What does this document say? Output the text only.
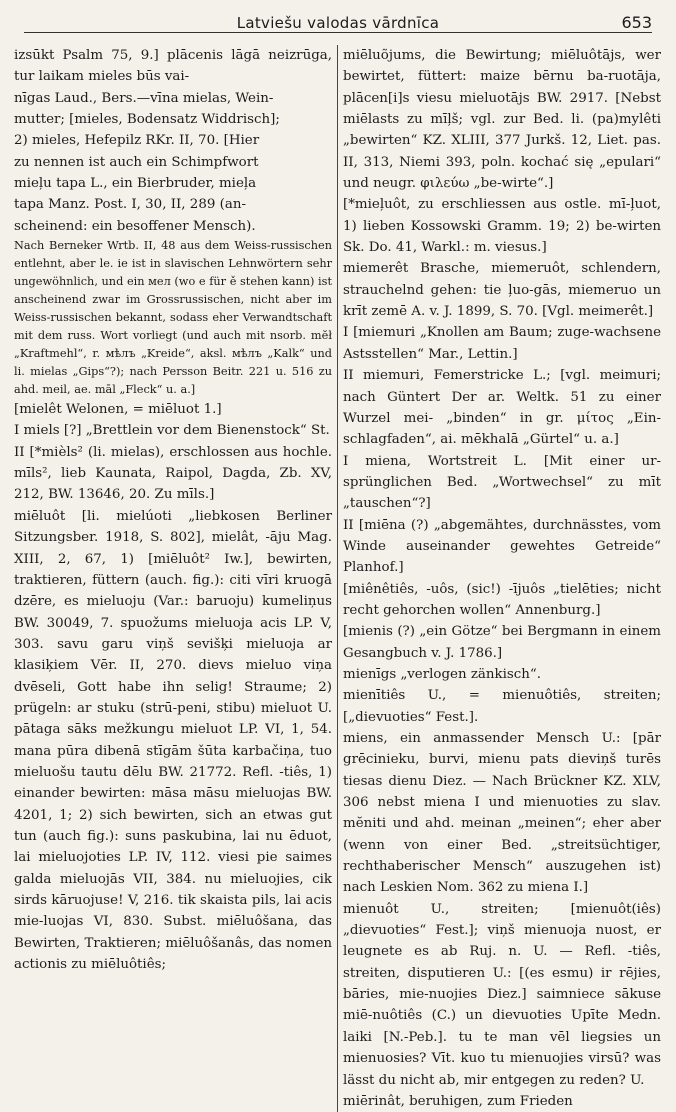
Latviešu valodas vārdnīca	653

izsūkt Psalm 75, 9.] plācenis lāgā neizrūga, tur laikam mieles būs vai-

nīgas Laud., Bers.—vīna mielas, Wein-

mutter; [mieles, Bodensatz Widdrisch];

2) mieles, Hefepilz RKr. II, 70. [Hier

zu nennen ist auch ein Schimpfwort

mieļu tapa L., ein Bierbruder, mieļa

tapa Manz. Post. I, 30, II, 289 (an-

scheinend: ein besoffener Mensch).

Nach Berneker Wrtb. II, 48 aus dem Weiss-russischen entlehnt, aber le. ie ist in slavischen Lehnwörtern sehr ungewöhnlich, und ein мел (wo e für ě stehen kann) ist anscheinend zwar im Grossrussischen, nicht aber im Weiss-russischen bekannt, sodass eher Verwandtschaft mit dem russ. Wort vorliegt (und auch mit nsorb. mĕł „Kraftmehl“, r. мѣлъ „Kreide“, aksl. мѣлъ „Kalk“ und li. mielas „Gips“?); nach Persson Beitr. 221 u. 516 zu ahd. meil, ae. māl „Fleck“ u. a.]

[mielêt Welonen, = miēluot 1.]

I miels [?] „Brettlein vor dem Bienenstock“ St.

II [*mièls² (li. mielas), erschlossen aus hochle. mīls², lieb Kaunata, Raipol, Dagda, Zb. XV, 212, BW. 13646, 20. Zu mīls.]

miēluôt [li. mielúoti „liebkosen Berliner Sitzungsber. 1918, S. 802], mielât, -āju Mag. XIII, 2, 67, 1) [miēluôt² Iw.], bewirten, traktieren, füttern (auch. fig.): citi vīri kruogā dzēre, es mieluoju (Var.: baruoju) kumeliņus BW. 30049, 7. spuožums mieluoja acis LP. V, 303. savu garu viņš sevišķi mieluoja ar klasiķiem Vēr. II, 270. dievs mieluo viņa dvēseli, Gott habe ihn selig! Straume; 2) prügeln: ar stuku (strū-peni, stibu) mieluot U. pātaga sāks mežkungu mieluot LP. VI, 1, 54. mana pūra dibenā stīgām šūta karbačiņa, tuo mieluošu tautu dēlu BW. 21772. Refl. -tiês, 1) einander bewirten: māsa māsu mieluojas BW. 4201, 1; 2) sich bewirten, sich an etwas gut tun (auch fig.): suns paskubina, lai nu ēduot, lai mieluojoties LP. IV, 112. viesi pie saimes galda mieluojās VII, 384. nu mieluojies, cik sirds kāruojuse! V, 216. tik skaista pils, lai acis mie-luojas VI, 830. Subst. miēluôšana, das Bewirten, Traktieren; miēluôšanâs, das nomen actionis zu miēluôtiês;

miēluõjums, die Bewirtung; miēluôtājs, wer bewirtet, füttert: maize bērnu ba-ruotāja, plācen[i]s viesu mieluotājs BW. 2917. [Nebst miēlasts zu mīļš; vgl. zur Bed. li. (pa)mylêti „bewirten“ KZ. XLIII, 377 Jurkš. 12, Liet. pas. II, 313, Niemi 393, poln. kochać się „epulari“ und neugr. φιλεύω „be-wirte“.]

[*mieļuôt, zu erschliessen aus ostle. mī-ļuot, 1) lieben Kossowski Gramm. 19; 2) be-wirten Sk. Do. 41, Warkl.: m. viesus.]

miemerêt Brasche, miemeruôt, schlendern, strauchelnd gehen: tie ļuo-gās, miemeruo un krīt zemē A. v. J. 1899, S. 70. [Vgl. meimerêt.]

I [miemuri „Knollen am Baum; zuge-wachsene Astsstellen“ Mar., Lettin.]

II miemuri, Femerstricke L.; [vgl. meimuri; nach Güntert Der ar. Weltk. 51 zu einer Wurzel mei- „binden“ in gr. μίτος „Ein-schlagfaden“, ai. mēkhalā „Gürtel“ u. a.]

I miena, Wortstreit L. [Mit einer ur-sprünglichen Bed. „Wortwechsel“ zu mīt „tauschen“?]

II [miēna (?) „abgemähtes, durchnässtes, vom Winde auseinander gewehtes Getreide“ Planhof.]

[miênêtiês, -uôs, (sic!) -ījuôs „tielēties; nicht recht gehorchen wollen“ Annenburg.]

[mienis (?) „ein Götze“ bei Bergmann in einem Gesangbuch v. J. 1786.]

mienīgs „verlogen zänkisch“.

mienītiês U., = mienuôtiês, streiten; [„dievuoties“ Fest.].

miens, ein anmassender Mensch U.: [pār grēcinieku, burvi, mienu pats dieviņš turēs tiesas dienu Diez. — Nach Brückner KZ. XLV, 306 nebst miena I und mienuoties zu slav. mĕniti und ahd. meinan „meinen“; eher aber (wenn von einer Bed. „streitsüchtiger, rechthaberischer Mensch“ auszugehen ist) nach Leskien Nom. 362 zu miena I.]

mienuôt U., streiten; [mienuôt(iês) „dievuoties“ Fest.]; viņš mienuoja nuost, er leugnete es ab Ruj. n. U. — Refl. -tiês, streiten, disputieren U.: [(es esmu) ir rējies, bāries, mie-nuojies Diez.] saimniece sākuse miē-nuôtiês (C.) un dievuoties Upīte Medn. laiki [N.-Peb.]. tu te man vēl liegsies un mienuosies? Vīt. kuo tu mienuojies virsū? was lässt du nicht ab, mir entgegen zu reden? U.

miērinât, beruhigen, zum Frieden
